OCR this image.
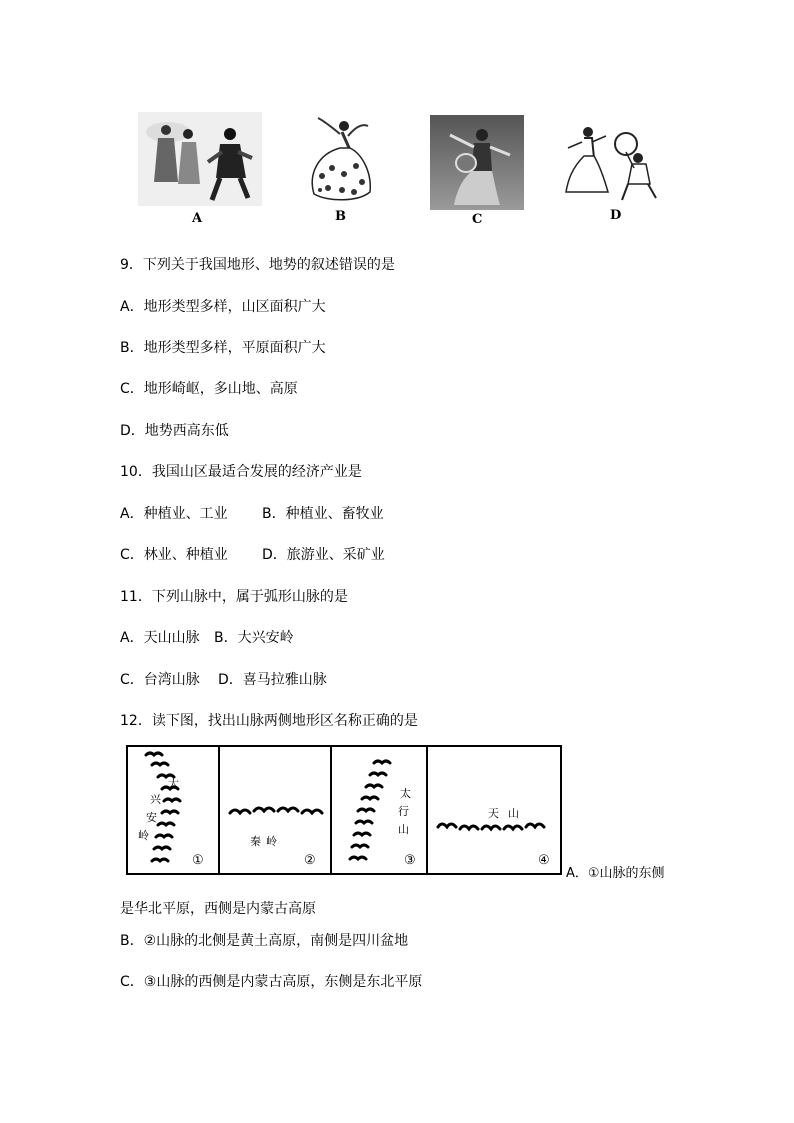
A	B	C	D
9．下列关于我国地形、地势的叙述错误的是
A．地形类型多样，山区面积广大
B．地形类型多样，平原面积广大
C．地形崎岖，多山地、高原
D．地势西高东低
10．我国山区最适合发展的经济产业是
A．种植业、工业 B．种植业、畜牧业
C．林业、种植业 D．旅游业、采矿业
11．下列山脉中，属于弧形山脉的是
A．天山山脉 B．大兴安岭
C．台湾山脉 D．喜马拉雅山脉
12．读下图，找出山脉两侧地形区名称正确的是
大
兴
安
岭
①
秦 岭
②
太
行
山
③
天 山
④
A．①山脉的东侧
是华北平原，西侧是内蒙古高原
B．②山脉的北侧是黄土高原，南侧是四川盆地
C．③山脉的西侧是内蒙古高原，东侧是东北平原
